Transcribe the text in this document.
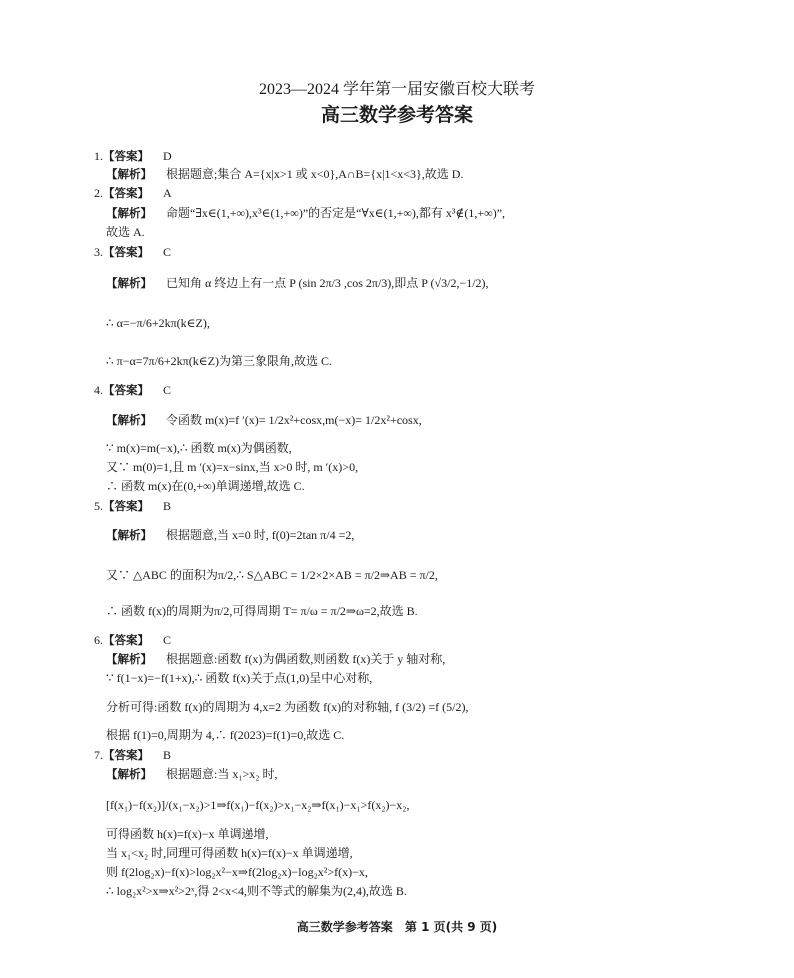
2023—2024 学年第一届安徽百校大联考
高三数学参考答案
1.【答案】 D
【解析】 根据题意;集合 A={x|x>1 或 x<0},A∩B={x|1<x<3},故选 D.
2.【答案】 A
【解析】 命题“∃x∈(1,+∞),x³∈(1,+∞)”的否定是“∀x∈(1,+∞),都有 x³∉(1,+∞)”,
故选 A.
3.【答案】 C
【解析】 已知角 α 终边上有一点 P (sin 2π/3 ,cos 2π/3),即点 P (√3/2,−1/2),
∴ α=−π/6+2kπ(k∈Z),
∴ π−α=7π/6+2kπ(k∈Z)为第三象限角,故选 C.
4.【答案】 C
【解析】 令函数 m(x)=f ′(x)= 1/2x²+cosx,m(−x)= 1/2x²+cosx,
∵ m(x)=m(−x),∴ 函数 m(x)为偶函数,
又∵ m(0)=1,且 m ′(x)=x−sinx,当 x>0 时, m ′(x)>0,
∴ 函数 m(x)在(0,+∞)单调递增,故选 C.
5.【答案】 B
【解析】 根据题意,当 x=0 时, f(0)=2tan π/4 =2,
又∵ △ABC 的面积为π/2,∴ S△ABC = 1/2×2×AB = π/2⇒AB = π/2,
∴ 函数 f(x)的周期为π/2,可得周期 T= π/ω = π/2⇒ω=2,故选 B.
6.【答案】 C
【解析】 根据题意:函数 f(x)为偶函数,则函数 f(x)关于 y 轴对称,
∵ f(1−x)=−f(1+x),∴ 函数 f(x)关于点(1,0)呈中心对称,
分析可得:函数 f(x)的周期为 4,x=2 为函数 f(x)的对称轴, f (3/2) =f (5/2),
根据 f(1)=0,周期为 4,∴ f(2023)=f(1)=0,故选 C.
7.【答案】 B
【解析】 根据题意:当 x₁>x₂ 时,
[f(x₁)−f(x₂)]/(x₁−x₂)>1⇒f(x₁)−f(x₂)>x₁−x₂⇒f(x₁)−x₁>f(x₂)−x₂,
可得函数 h(x)=f(x)−x 单调递增,
当 x₁<x₂ 时,同理可得函数 h(x)=f(x)−x 单调递增,
则 f(2log₂x)−f(x)>log₂x²−x⇒f(2log₂x)−log₂x²>f(x)−x,
∴ log₂x²>x⇒x²>2ˣ,得 2<x<4,则不等式的解集为(2,4),故选 B.
高三数学参考答案 第 1 页(共 9 页)
